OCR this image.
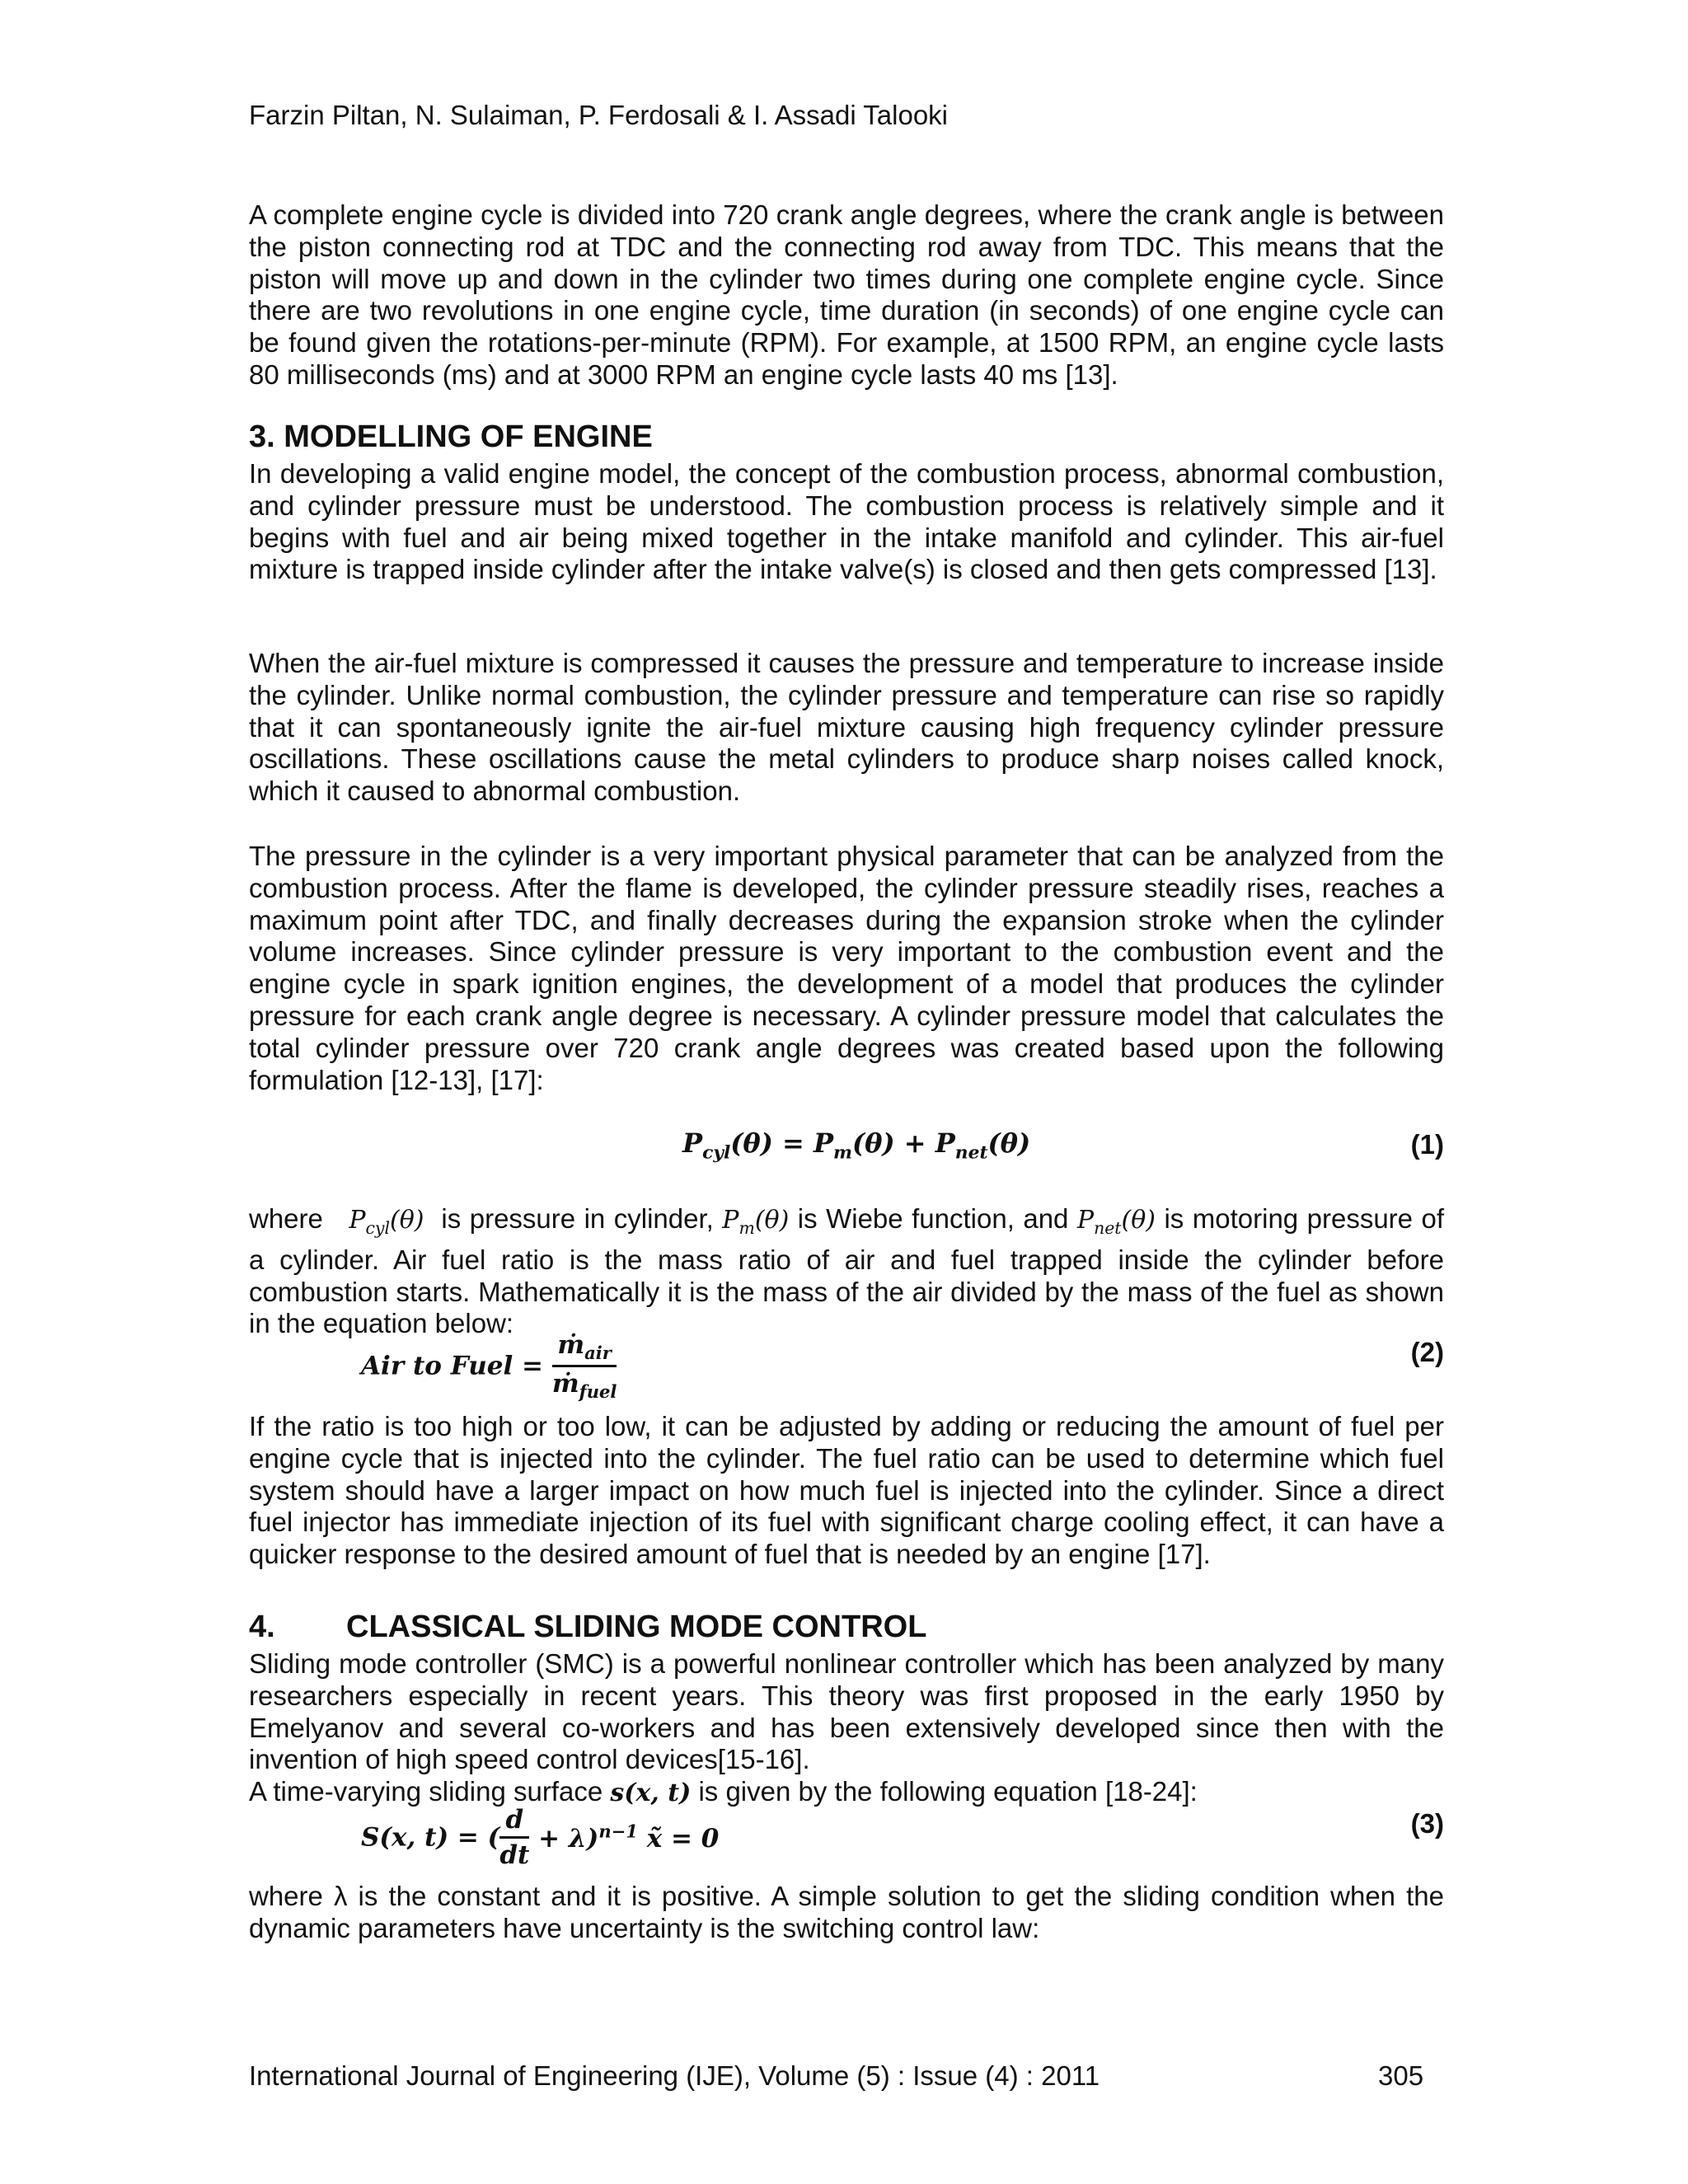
Farzin Piltan, N. Sulaiman, P. Ferdosali & I. Assadi Talooki
A complete engine cycle is divided into 720 crank angle degrees, where the crank angle is between the piston connecting rod at TDC and the connecting rod away from TDC. This means that the piston will move up and down in the cylinder two times during one complete engine cycle. Since there are two revolutions in one engine cycle, time duration (in seconds) of one engine cycle can be found given the rotations-per-minute (RPM). For example, at 1500 RPM, an engine cycle lasts 80 milliseconds (ms) and at 3000 RPM an engine cycle lasts 40 ms [13].
3. MODELLING OF ENGINE
In developing a valid engine model, the concept of the combustion process, abnormal combustion, and cylinder pressure must be understood. The combustion process is relatively simple and it begins with fuel and air being mixed together in the intake manifold and cylinder. This air-fuel mixture is trapped inside cylinder after the intake valve(s) is closed and then gets compressed [13].
When the air-fuel mixture is compressed it causes the pressure and temperature to increase inside the cylinder. Unlike normal combustion, the cylinder pressure and temperature can rise so rapidly that it can spontaneously ignite the air-fuel mixture causing high frequency cylinder pressure oscillations. These oscillations cause the metal cylinders to produce sharp noises called knock, which it caused to abnormal combustion.
The pressure in the cylinder is a very important physical parameter that can be analyzed from the combustion process. After the flame is developed, the cylinder pressure steadily rises, reaches a maximum point after TDC, and finally decreases during the expansion stroke when the cylinder volume increases. Since cylinder pressure is very important to the combustion event and the engine cycle in spark ignition engines, the development of a model that produces the cylinder pressure for each crank angle degree is necessary. A cylinder pressure model that calculates the total cylinder pressure over 720 crank angle degrees was created based upon the following formulation [12-13], [17]:
$P_{cyl}(\theta) = P_m(\theta) + P_{net}(\theta)$	(1)
where $P_{cyl}(\theta)$ is pressure in cylinder, $P_m(\theta)$ is Wiebe function, and $P_{net}(\theta)$ is motoring pressure of a cylinder. Air fuel ratio is the mass ratio of air and fuel trapped inside the cylinder before combustion starts. Mathematically it is the mass of the air divided by the mass of the fuel as shown in the equation below:
Air to Fuel = $\frac{ṁ_{air}}{ṁ_{fuel}}$	(2)
If the ratio is too high or too low, it can be adjusted by adding or reducing the amount of fuel per engine cycle that is injected into the cylinder. The fuel ratio can be used to determine which fuel system should have a larger impact on how much fuel is injected into the cylinder. Since a direct fuel injector has immediate injection of its fuel with significant charge cooling effect, it can have a quicker response to the desired amount of fuel that is needed by an engine [17].
4. CLASSICAL SLIDING MODE CONTROL
Sliding mode controller (SMC) is a powerful nonlinear controller which has been analyzed by many researchers especially in recent years. This theory was first proposed in the early 1950 by Emelyanov and several co-workers and has been extensively developed since then with the invention of high speed control devices[15-16].
A time-varying sliding surface s(x, t) is given by the following equation [18-24]:
S(x, t) = ( $\frac{d}{dt} + \lambda)^{n-1}$ x̃ = 0
(3)
where λ is the constant and it is positive. A simple solution to get the sliding condition when the dynamic parameters have uncertainty is the switching control law:
International Journal of Engineering (IJE), Volume (5) : Issue (4) : 2011	305
